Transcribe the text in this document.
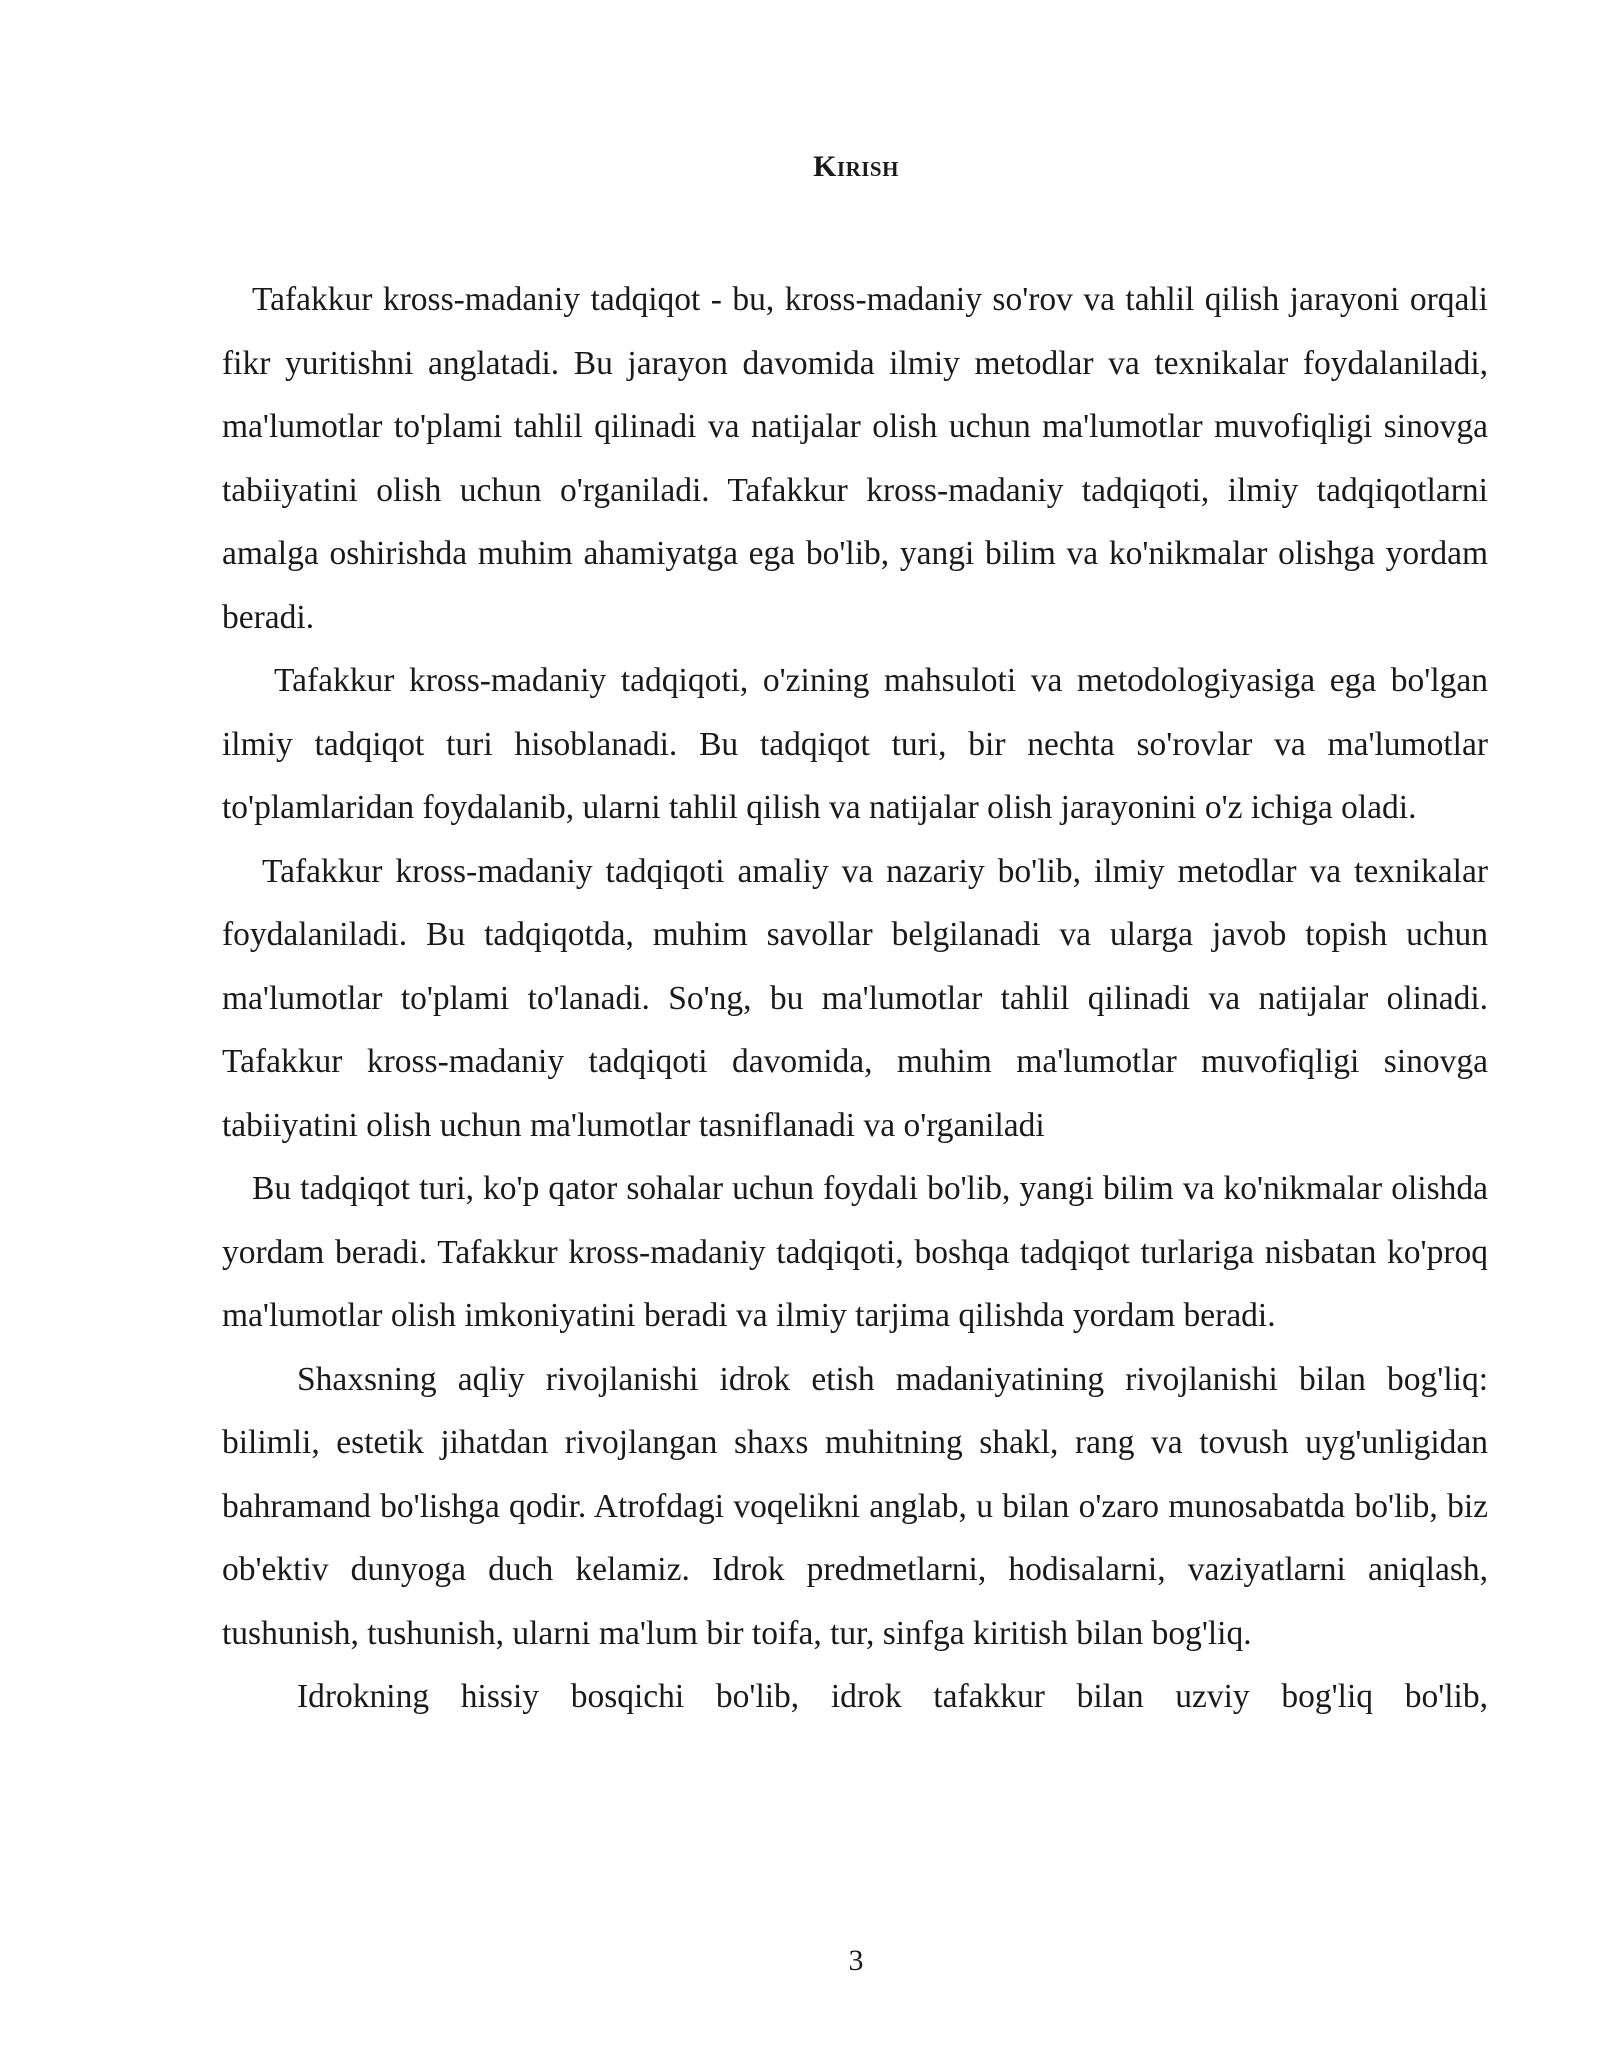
Kirish

Tafakkur kross-madaniy tadqiqot - bu, kross-madaniy so'rov va tahlil qilish jarayoni orqali fikr yuritishni anglatadi. Bu jarayon davomida ilmiy metodlar va texnikalar foydalaniladi, ma'lumotlar to'plami tahlil qilinadi va natijalar olish uchun ma'lumotlar muvofiqligi sinovga tabiiyatini olish uchun o'rganiladi. Tafakkur kross-madaniy tadqiqoti, ilmiy tadqiqotlarni amalga oshirishda muhim ahamiyatga ega bo'lib, yangi bilim va ko'nikmalar olishga yordam beradi.

Tafakkur kross-madaniy tadqiqoti, o'zining mahsuloti va metodologiyasiga ega bo'lgan ilmiy tadqiqot turi hisoblanadi. Bu tadqiqot turi, bir nechta so'rovlar va ma'lumotlar to'plamlaridan foydalanib, ularni tahlil qilish va natijalar olish jarayonini o'z ichiga oladi.

Tafakkur kross-madaniy tadqiqoti amaliy va nazariy bo'lib, ilmiy metodlar va texnikalar foydalaniladi. Bu tadqiqotda, muhim savollar belgilanadi va ularga javob topish uchun ma'lumotlar to'plami to'lanadi. So'ng, bu ma'lumotlar tahlil qilinadi va natijalar olinadi. Tafakkur kross-madaniy tadqiqoti davomida, muhim ma'lumotlar muvofiqligi sinovga tabiiyatini olish uchun ma'lumotlar tasniflanadi va o'rganiladi

Bu tadqiqot turi, ko'p qator sohalar uchun foydali bo'lib, yangi bilim va ko'nikmalar olishda yordam beradi. Tafakkur kross-madaniy tadqiqoti, boshqa tadqiqot turlariga nisbatan ko'proq ma'lumotlar olish imkoniyatini beradi va ilmiy tarjima qilishda yordam beradi.

Shaxsning aqliy rivojlanishi idrok etish madaniyatining rivojlanishi bilan bog'liq: bilimli, estetik jihatdan rivojlangan shaxs muhitning shakl, rang va tovush uyg'unligidan bahramand bo'lishga qodir. Atrofdagi voqelikni anglab, u bilan o'zaro munosabatda bo'lib, biz ob'ektiv dunyoga duch kelamiz. Idrok predmetlarni, hodisalarni, vaziyatlarni aniqlash, tushunish, tushunish, ularni ma'lum bir toifa, tur, sinfga kiritish bilan bog'liq.

Idrokning hissiy bosqichi bo'lib, idrok tafakkur bilan uzviy bog'liq bo'lib,

3
